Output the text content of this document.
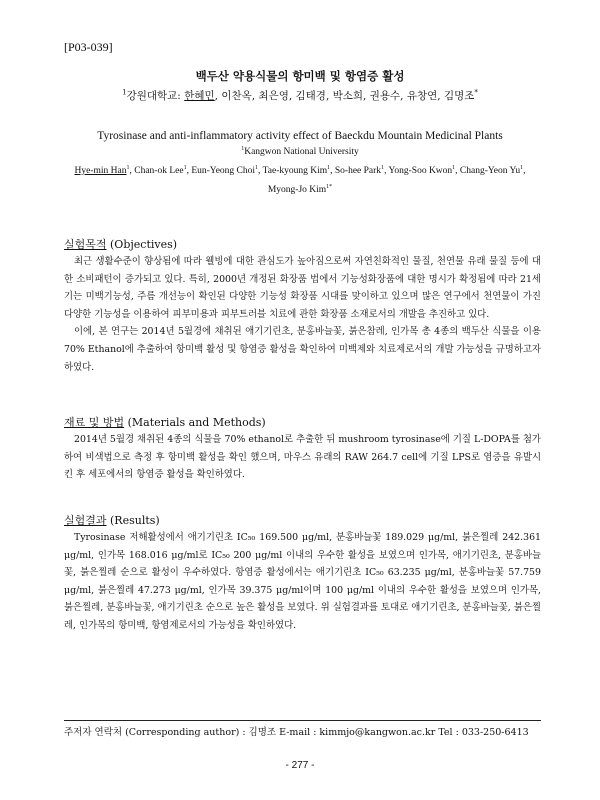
[P03-039]
백두산 약용식물의 항미백 및 항염증 활성
$^1$강원대학교: 한혜민, 이찬옥, 최은영, 김태경, 박소희, 권용수, 유창연, 김명조*
Tyrosinase and anti-inflammatory activity effect of Baeckdu Mountain Medicinal Plants
$^1$Kangwon National University
Hye-min Han$^1$, Chan-ok Lee$^1$, Eun-Yeong Choi$^1$, Tae-kyoung Kim$^1$, So-hee Park$^1$, Yong-Soo Kwon$^1$, Chang-Yeon Yu$^1$, Myong-Jo Kim$^{1*}$
실험목적 (Objectives)

최근 생활수준이 향상됨에 따라 웰빙에 대한 관심도가 높아짐으로써 자연친화적인 물질, 천연물 유래 물질 등에 대한 소비패턴이 증가되고 있다. 특히, 2000년 개정된 화장품 법에서 기능성화장품에 대한 명시가 확정됨에 따라 21세기는 미백기능성, 주름 개선능이 확인된 다양한 기능성 화장품 시대를 맞이하고 있으며 많은 연구에서 천연물이 가진 다양한 기능성을 이용하여 피부미용과 피부트러블 치료에 관한 화장품 소재로서의 개발을 추진하고 있다.

이에, 본 연구는 2014년 5월경에 채취된 애기기린초, 분홍바늘꽃, 붉은참레, 인가목 총 4종의 백두산 식물을 이용 70% Ethanol에 추출하여 항미백 활성 및 항염증 활성을 확인하여 미백제와 치료제로서의 개발 가능성을 규명하고자 하였다.

재료 및 방법 (Materials and Methods)

2014년 5월경 채취된 4종의 식물을 70% ethanol로 추출한 뒤 mushroom tyrosinase에 기질 L-DOPA를 첨가하여 비색법으로 측정 후 항미백 활성을 확인 했으며, 마우스 유래의 RAW 264.7 cell에 기질 LPS로 염증을 유발시킨 후 세포에서의 항염증 활성을 확인하였다.

실험결과 (Results)

Tyrosinase 저해활성에서 애기기린초 IC₅₀ 169.500 μg/ml, 분홍바늘꽃 189.029 μg/ml, 붉은찔레 242.361 μg/ml, 인가목 168.016 μg/ml로 IC₅₀ 200 μg/ml 이내의 우수한 활성을 보였으며 인가목, 애기기린초, 분홍바늘꽃, 붉은찔레 순으로 활성이 우수하였다. 항염증 활성에서는 애기기린초 IC₅₀ 63.235 μg/ml, 분홍바늘꽃 57.759 μg/ml, 붉은찔레 47.273 μg/ml, 인가목 39.375 μg/ml이며 100 μg/ml 이내의 우수한 활성을 보였으며 인가목, 붉은찔레, 분홍바늘꽃, 애기기린초 순으로 높은 활성을 보였다. 위 실험결과를 토대로 애기기린초, 분홍바늘꽃, 붉은찔레, 인가목의 항미백, 항염제로서의 가능성을 확인하였다.

주저자 연락처 (Corresponding author) : 김명조 E-mail : kimmjo@kangwon.ac.kr Tel : 033-250-6413
- 277 -
